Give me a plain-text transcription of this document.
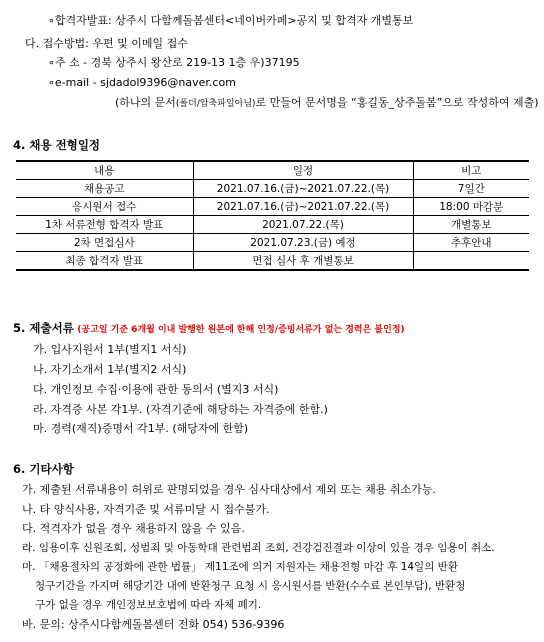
∘합격자발표: 상주시 다함께돌봄센터<네이버카페>공지 및 합격자 개별통보
다. 접수방법: 우편 및 이메일 접수
∘주 소 - 경북 상주시 왕산로 219-13 1층 우)37195
∘e-mail - sjdadol9396@naver.com
(하나의 문서(폴더/압축파일아님)로 만들어 문서명을 “홍길동_상주돌봄”으로 작성하여 제출)
4. 채용 전형일정
내용	일정	비고
채용공고	2021.07.16.(금)~2021.07.22.(목)	7일간
응시원서 접수	2021.07.16.(금)~2021.07.22.(목)	18:00 마감분
1차 서류전형 합격자 발표	2021.07.22.(목)	개별통보
2차 면접심사	2021.07.23.(금) 예정	추후안내
최종 합격자 발표	면접 심사 후 개별통보	
5. 제출서류 (공고일 기준 6개월 이내 발행한 원본에 한해 인정/증빙서류가 없는 경력은 불인정)
가. 입사지원서 1부(별지1 서식)
나. 자기소개서 1부(별지2 서식)
다. 개인정보 수집·이용에 관한 동의서 (별지3 서식)
라. 자격증 사본 각1부. (자격기준에 해당하는 자격증에 한함.)
마. 경력(재직)증명서 각1부. (해당자에 한함)
6. 기타사항
가. 제출된 서류내용이 허위로 판명되었을 경우 심사대상에서 제외 또는 채용 취소가능.
나. 타 양식사용, 자격기준 및 서류미달 시 접수불가.
다. 적격자가 없을 경우 채용하지 않을 수 있음.
라. 임용이후 신원조회, 성범죄 및 아동학대 관련범죄 조회, 건강검진결과 이상이 있을 경우 임용이 취소.
마. 「채용절차의 공정화에 관한 법률」 제11조에 의거 지원자는 채용전형 마감 후 14일의 반환
청구기간을 가지며 해당기간 내에 반환청구 요청 시 응시원서를 반환(수수료 본인부담), 반환청
구가 없을 경우 개인정보보호법에 따라 자체 폐기.
바. 문의: 상주시다함께돌봄센터 전화 054) 536-9396
